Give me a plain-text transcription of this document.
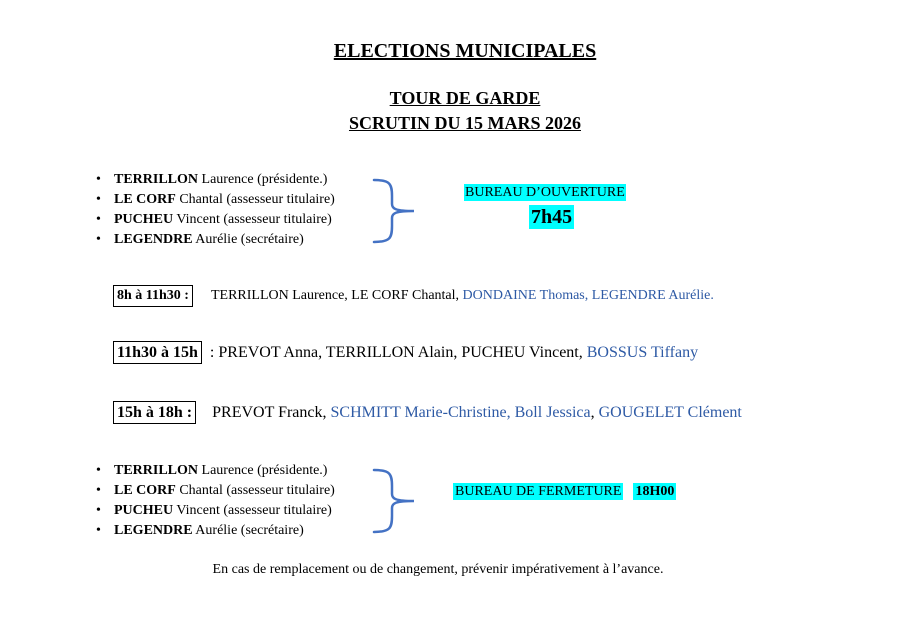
ELECTIONS MUNICIPALES
TOUR DE GARDE
SCRUTIN DU 15 MARS 2026
• TERRILLON Laurence (présidente.)
• LE CORF Chantal (assesseur titulaire)
• PUCHEU Vincent (assesseur titulaire)
• LEGENDRE Aurélie (secrétaire)
BUREAU D’OUVERTURE
7h45
8h à 11h30 : TERRILLON Laurence, LE CORF Chantal, DONDAINE Thomas, LEGENDRE Aurélie.
11h30 à 15h : PREVOT Anna, TERRILLON Alain, PUCHEU Vincent, BOSSUS Tiffany
15h à 18h : PREVOT Franck, SCHMITT Marie-Christine, Boll Jessica, GOUGELET Clément
• TERRILLON Laurence (présidente.)
• LE CORF Chantal (assesseur titulaire)
• PUCHEU Vincent (assesseur titulaire)
• LEGENDRE Aurélie (secrétaire)
BUREAU DE FERMETURE 18H00
En cas de remplacement ou de changement, prévenir impérativement à l’avance.
